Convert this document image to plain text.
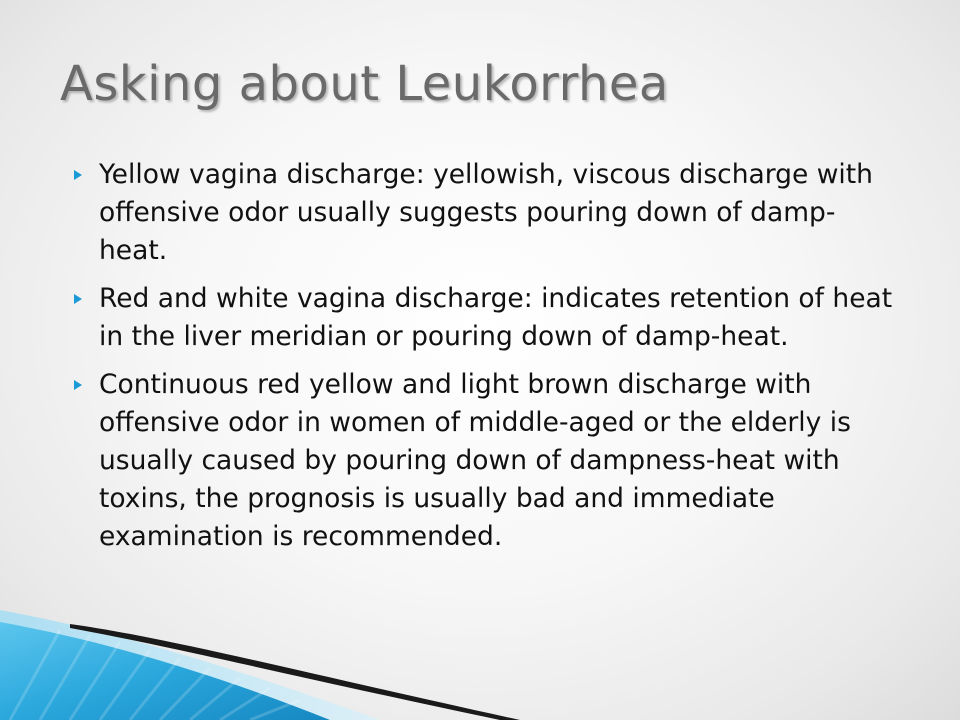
Asking about Leukorrhea
Yellow vagina discharge: yellowish, viscous discharge with offensive odor usually suggests pouring down of damp-heat.
Red and white vagina discharge: indicates retention of heat in the liver meridian or pouring down of damp-heat.
Continuous red yellow and light brown discharge with offensive odor in women of middle-aged or the elderly is usually caused by pouring down of dampness-heat with toxins, the prognosis is usually bad and immediate examination is recommended.
